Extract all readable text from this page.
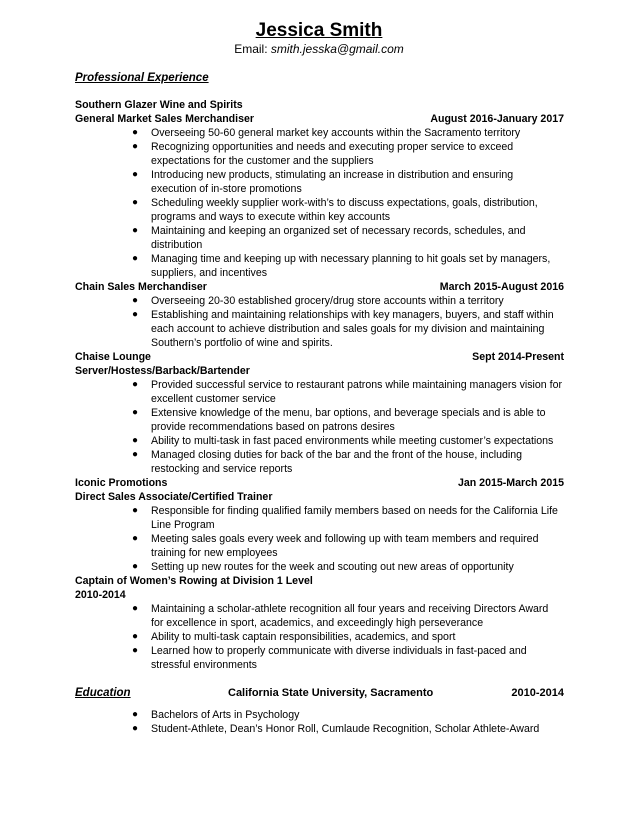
Jessica Smith
Email: smith.jesska@gmail.com
Professional Experience
Southern Glazer Wine and Spirits
General Market Sales Merchandiser	August 2016-January 2017
● Overseeing 50-60 general market key accounts within the Sacramento territory
● Recognizing opportunities and needs and executing proper service to exceed
expectations for the customer and the suppliers
● Introducing new products, stimulating an increase in distribution and ensuring
execution of in-store promotions
● Scheduling weekly supplier work-with’s to discuss expectations, goals, distribution,
programs and ways to execute within key accounts
● Maintaining and keeping an organized set of necessary records, schedules, and
distribution
● Managing time and keeping up with necessary planning to hit goals set by managers,
suppliers, and incentives
Chain Sales Merchandiser	March 2015-August 2016
● Overseeing 20-30 established grocery/drug store accounts within a territory
● Establishing and maintaining relationships with key managers, buyers, and staff within
each account to achieve distribution and sales goals for my division and maintaining
Southern’s portfolio of wine and spirits.
Chaise Lounge	Sept 2014-Present
Server/Hostess/Barback/Bartender
● Provided successful service to restaurant patrons while maintaining managers vision for
excellent customer service
● Extensive knowledge of the menu, bar options, and beverage specials and is able to
provide recommendations based on patrons desires
● Ability to multi-task in fast paced environments while meeting customer’s expectations
● Managed closing duties for back of the bar and the front of the house, including
restocking and service reports
Iconic Promotions	Jan 2015-March 2015
Direct Sales Associate/Certified Trainer
● Responsible for finding qualified family members based on needs for the California Life
Line Program
● Meeting sales goals every week and following up with team members and required
training for new employees
● Setting up new routes for the week and scouting out new areas of opportunity
Captain of Women’s Rowing at Division 1 Level
2010-2014
● Maintaining a scholar-athlete recognition all four years and receiving Directors Award
for excellence in sport, academics, and exceedingly high perseverance
● Ability to multi-task captain responsibilities, academics, and sport
● Learned how to properly communicate with diverse individuals in fast-paced and
stressful environments
Education	California State University, Sacramento	2010-2014
● Bachelors of Arts in Psychology
● Student-Athlete, Dean’s Honor Roll, Cumlaude Recognition, Scholar Athlete-Award
